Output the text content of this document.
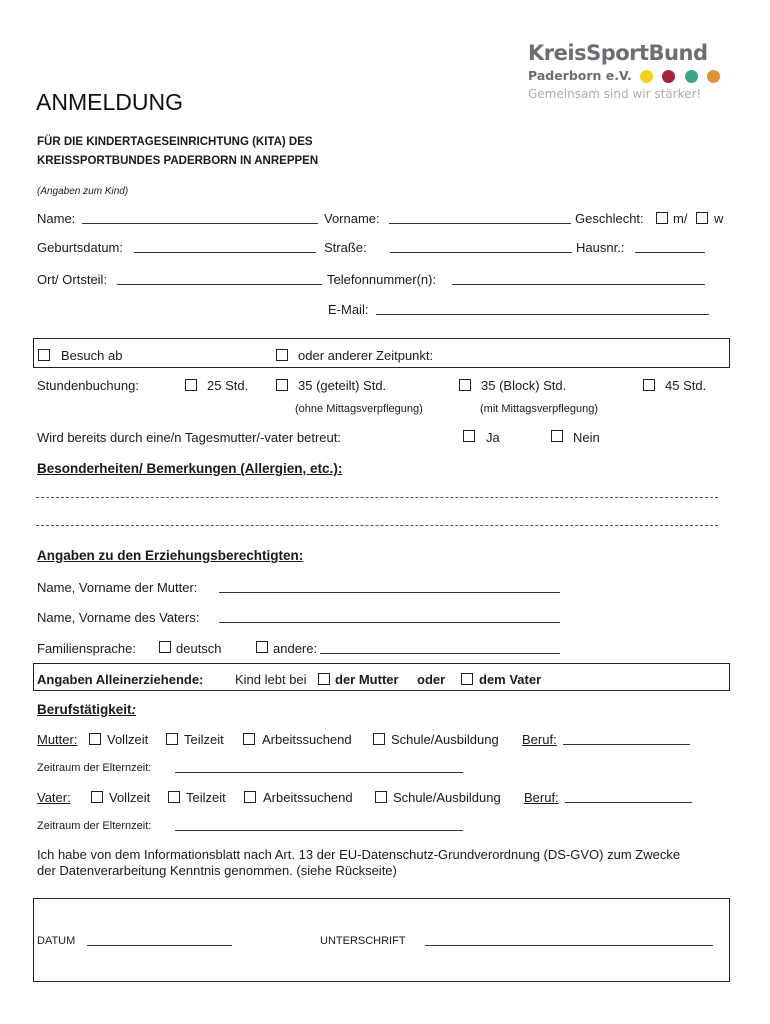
KreisSportBund
Paderborn e.V.
Gemeinsam sind wir stärker!
ANMELDUNG
FÜR DIE KINDERTAGESEINRICHTUNG (KITA) DES
KREISSPORTBUNDES PADERBORN IN ANREPPEN
(Angaben zum Kind)
Name:	Vorname:	Geschlecht: m/ w
Geburtsdatum:	Straße:	Hausnr.:
Ort/ Ortsteil:	Telefonnummer(n):
E-Mail:
Besuch ab	oder anderer Zeitpunkt:
Stundenbuchung:	25 Std.	35 (geteilt) Std.	35 (Block) Std.	45 Std.
(ohne Mittagsverpflegung)	(mit Mittagsverpflegung)
Wird bereits durch eine/n Tagesmutter/-vater betreut:	Ja	Nein
Besonderheiten/ Bemerkungen (Allergien, etc.):
Angaben zu den Erziehungsberechtigten:
Name, Vorname der Mutter:
Name, Vorname des Vaters:
Familiensprache:	deutsch	andere:
Angaben Alleinerziehende: Kind lebt bei der Mutter oder	dem Vater
Berufstätigkeit:
Mutter: Vollzeit	Teilzeit	Arbeitssuchend	Schule/Ausbildung Beruf:
Zeitraum der Elternzeit:
Vater:	Vollzeit	Teilzeit	Arbeitssuchend	Schule/Ausbildung Beruf:
Zeitraum der Elternzeit:
Ich habe von dem Informationsblatt nach Art. 13 der EU-Datenschutz-Grundverordnung (DS-GVO) zum Zwecke
der Datenverarbeitung Kenntnis genommen. (siehe Rückseite)
DATUM	UNTERSCHRIFT
